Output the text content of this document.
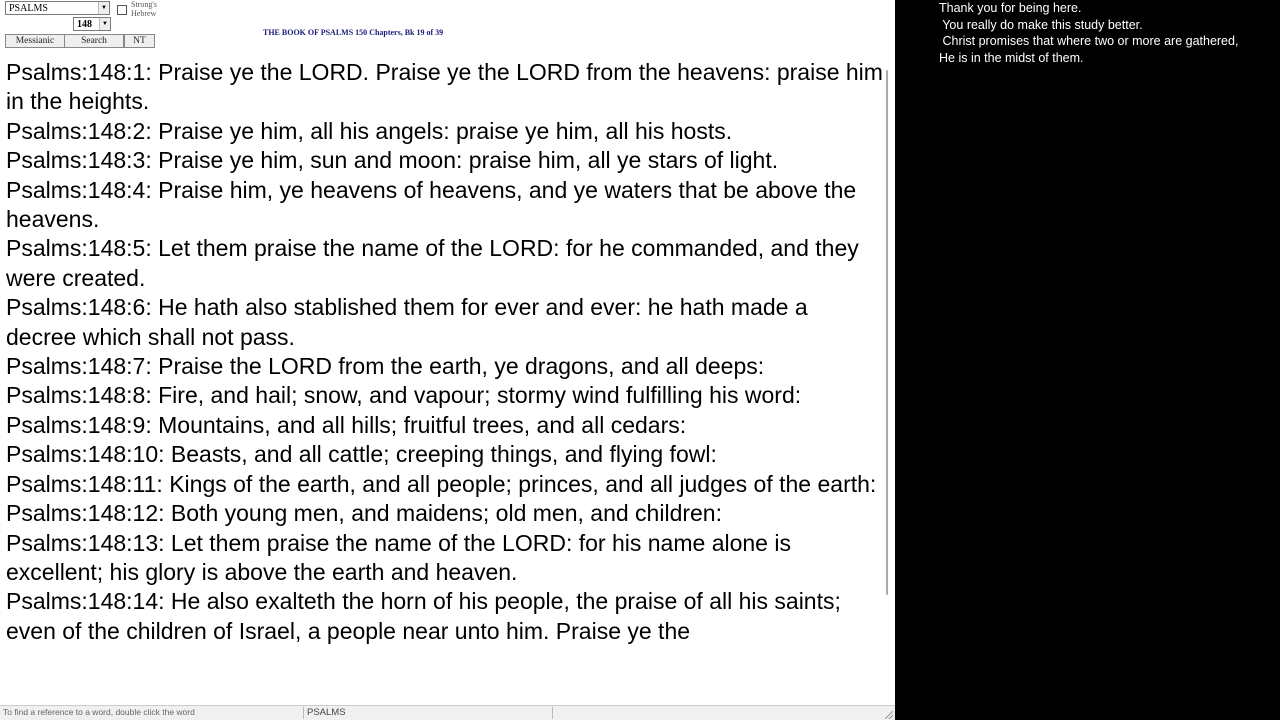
PSALMS	▼
148	▼
Strong's
Hebrew
Messianic	Search	NT
THE BOOK OF PSALMS 150 Chapters, Bk 19 of 39
Psalms:148:1: Praise ye the LORD. Praise ye the LORD from the heavens: praise him in the heights.
Psalms:148:2: Praise ye him, all his angels: praise ye him, all his hosts.
Psalms:148:3: Praise ye him, sun and moon: praise him, all ye stars of light.
Psalms:148:4: Praise him, ye heavens of heavens, and ye waters that be above the heavens.
Psalms:148:5: Let them praise the name of the LORD: for he commanded, and they were created.
Psalms:148:6: He hath also stablished them for ever and ever: he hath made a decree which shall not pass.
Psalms:148:7: Praise the LORD from the earth, ye dragons, and all deeps:
Psalms:148:8: Fire, and hail; snow, and vapour; stormy wind fulfilling his word:
Psalms:148:9: Mountains, and all hills; fruitful trees, and all cedars:
Psalms:148:10: Beasts, and all cattle; creeping things, and flying fowl:
Psalms:148:11: Kings of the earth, and all people; princes, and all judges of the earth:
Psalms:148:12: Both young men, and maidens; old men, and children:
Psalms:148:13: Let them praise the name of the LORD: for his name alone is excellent; his glory is above the earth and heaven.
Psalms:148:14: He also exalteth the horn of his people, the praise of all his saints; even of the children of Israel, a people near unto him. Praise ye the
To find a reference to a word, double click the word	PSALMS
Thank you for being here.
You really do make this study better.
Christ promises that where two or more are gathered,
He is in the midst of them.
